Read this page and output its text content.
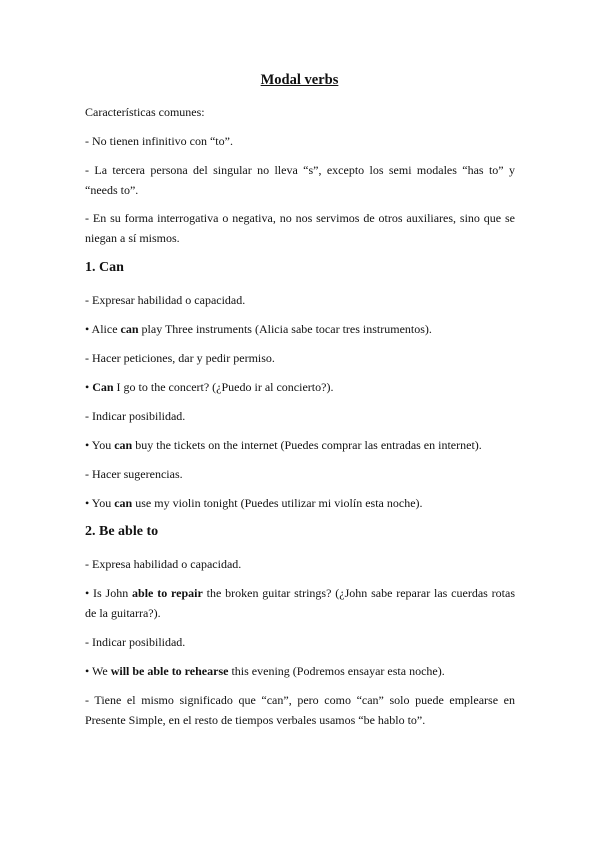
Modal verbs
Características comunes:
- No tienen infinitivo con “to”.
- La tercera persona del singular no lleva “s”, excepto los semi modales “has to” y “needs to”.
- En su forma interrogativa o negativa, no nos servimos de otros auxiliares, sino que se niegan a sí mismos.
1. Can
- Expresar habilidad o capacidad.
• Alice can play Three instruments (Alicia sabe tocar tres instrumentos).
- Hacer peticiones, dar y pedir permiso.
• Can I go to the concert? (¿Puedo ir al concierto?).
- Indicar posibilidad.
• You can buy the tickets on the internet (Puedes comprar las entradas en internet).
- Hacer sugerencias.
• You can use my violin tonight (Puedes utilizar mi violín esta noche).
2. Be able to
- Expresa habilidad o capacidad.
• Is John able to repair the broken guitar strings? (¿John sabe reparar las cuerdas rotas de la guitarra?).
- Indicar posibilidad.
• We will be able to rehearse this evening (Podremos ensayar esta noche).
- Tiene el mismo significado que “can”, pero como “can” solo puede emplearse en Presente Simple, en el resto de tiempos verbales usamos “be hablo to”.
